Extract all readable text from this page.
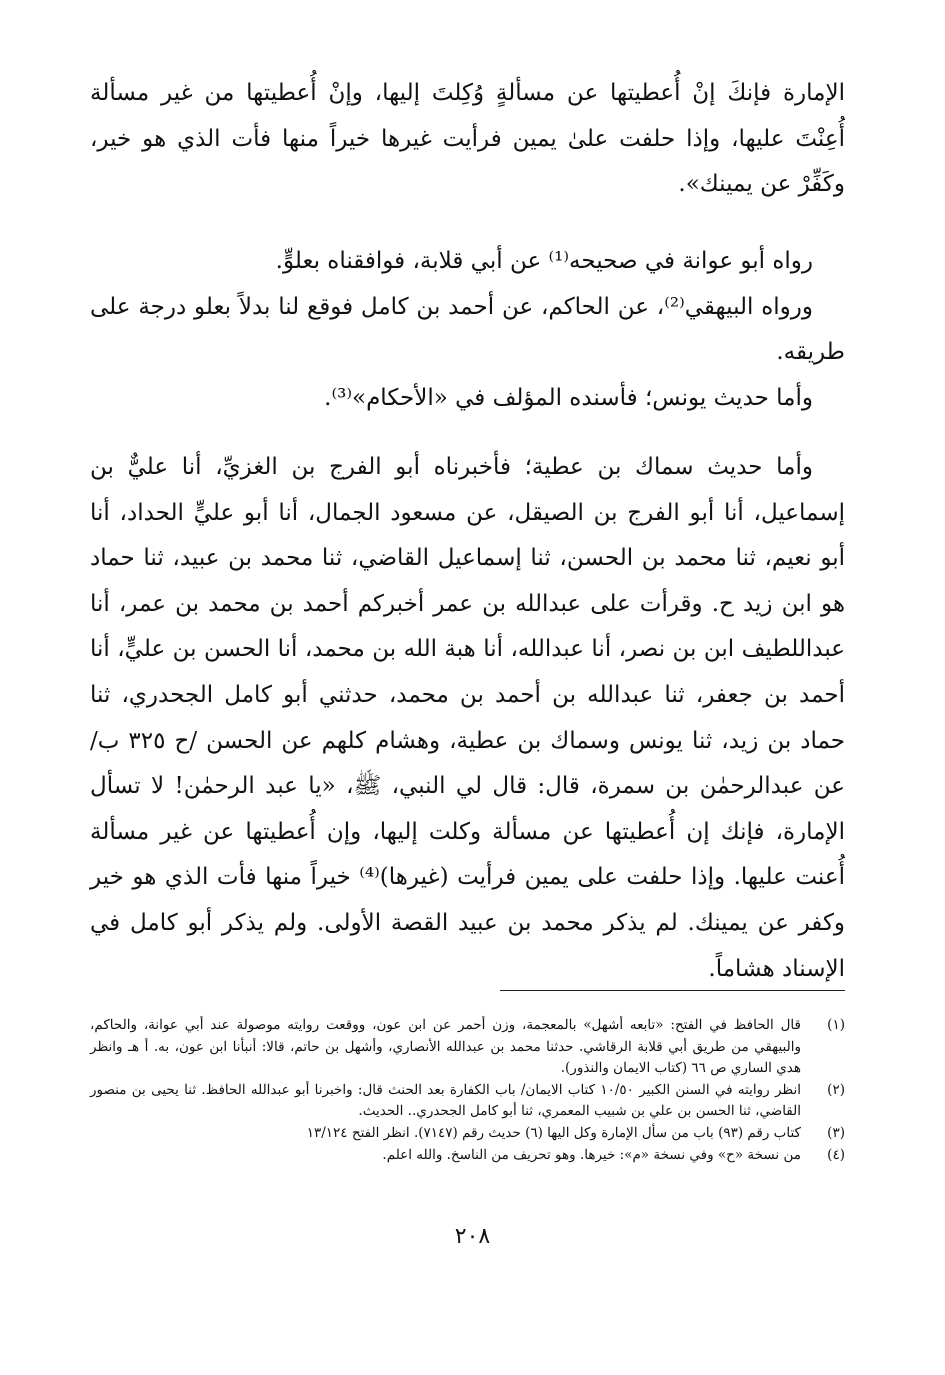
الإمارة فإنكَ إنْ أُعطيتها عن مسألةٍ وُكِلتَ إليها، وإنْ أُعطيتها من غير مسألة أُعِنْتَ عليها، وإذا حلفت علىٰ يمين فرأيت غيرها خيراً منها فأت الذي هو خير، وكَفِّرْ عن يمينك».

رواه أبو عوانة في صحيحه⁽¹⁾ عن أبي قلابة، فوافقناه بعلوٍّ.

ورواه البيهقي⁽²⁾، عن الحاكم، عن أحمد بن كامل فوقع لنا بدلاً بعلو درجة على طريقه.

وأما حديث يونس؛ فأسنده المؤلف في «الأحكام»⁽³⁾.

وأما حديث سماك بن عطية؛ فأخبرناه أبو الفرج بن الغزيِّ، أنا عليٌّ بن إسماعيل، أنا أبو الفرج بن الصيقل، عن مسعود الجمال، أنا أبو عليٍّ الحداد، أنا أبو نعيم، ثنا محمد بن الحسن، ثنا إسماعيل القاضي، ثنا محمد بن عبيد، ثنا حماد هو ابن زيد ح. وقرأت على عبدالله بن عمر أخبركم أحمد بن محمد بن عمر، أنا عبداللطيف ابن بن نصر، أنا عبدالله، أنا هبة الله بن محمد، أنا الحسن بن عليٍّ، أنا أحمد بن جعفر، ثنا عبدالله بن أحمد بن محمد، حدثني أبو كامل الجحدري، ثنا حماد بن زيد، ثنا يونس وسماك بن عطية، وهشام كلهم عن الحسن /ح ٣٢٥ ب/ عن عبدالرحمٰن بن سمرة، قال: قال لي النبي، ﷺ، «يا عبد الرحمٰن! لا تسأل الإمارة، فإنك إن أُعطيتها عن مسألة وكلت إليها، وإن أُعطيتها عن غير مسألة أُعنت عليها. وإذا حلفت على يمين فرأيت (غيرها)⁽⁴⁾ خيراً منها فأت الذي هو خير وكفر عن يمينك. لم يذكر محمد بن عبيد القصة الأولى. ولم يذكر أبو كامل في الإسناد هشاماً.

(١)
قال الحافظ في الفتح: «تابعه أشهل» بالمعجمة، وزن أحمر عن ابن عون، ووقعت روايته موصولة عند أبي عوانة، والحاكم، والبيهقي من طريق أبي قلابة الرقاشي. حدثنا محمد بن عبدالله الأنصاري، وأشهل بن حاتم، قالا: أنبأنا ابن عون، به. أ هـ وانظر هدي الساري ص ٦٦ (كتاب الايمان والنذور).
(٢)
انظر روايته في السنن الكبير ١٠/٥٠ كتاب الايمان/ باب الكفارة بعد الحنث قال: واخبرنا أبو عبدالله الحافظ. ثنا يحيى بن منصور القاضي، ثنا الحسن بن علي بن شبيب المعمري، ثنا أبو كامل الجحدري.. الحديث.
(٣)
كتاب رقم (٩٣) باب من سأل الإمارة وكل اليها (٦) حديث رقم (٧١٤٧). انظر الفتح ١٣/١٢٤
(٤)
من نسخة «ح» وفي نسخة «م»: خيرها. وهو تحريف من الناسخ. والله اعلم.
٢٠٨
